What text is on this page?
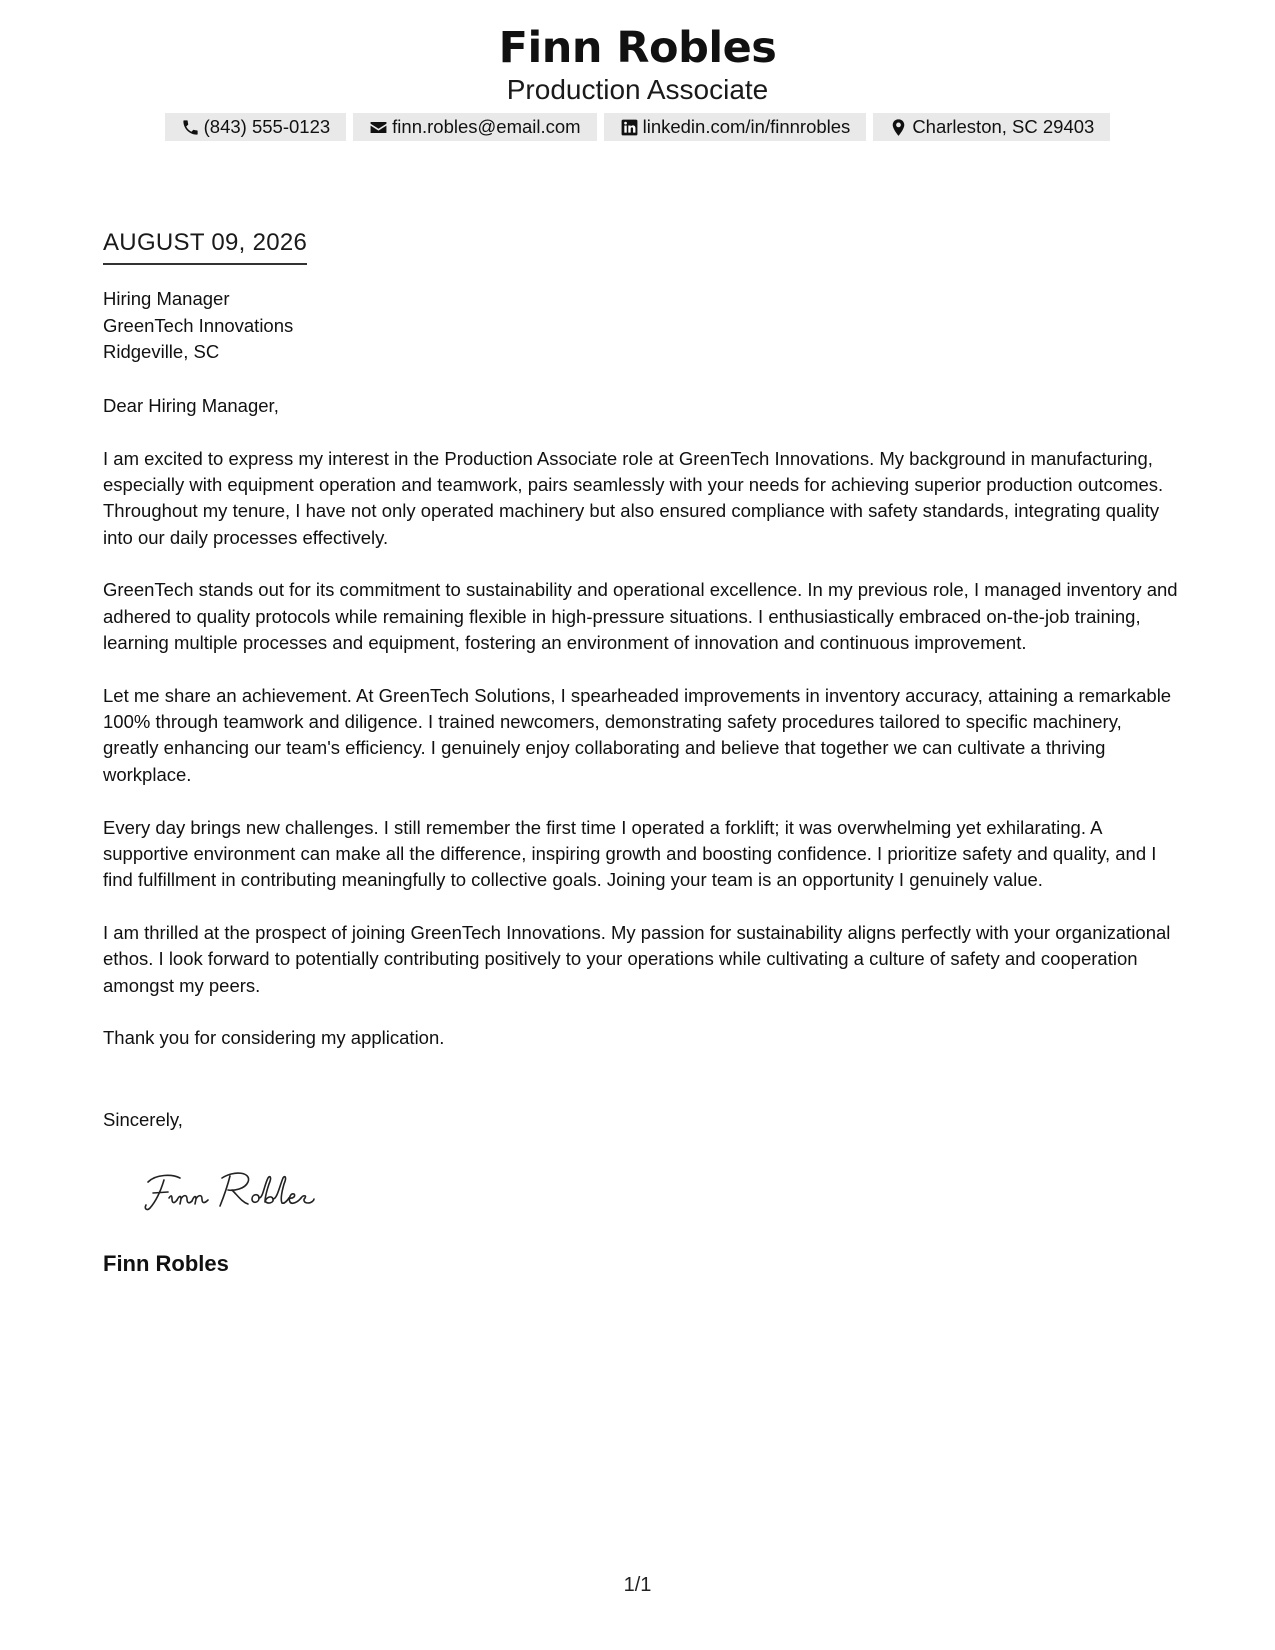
Finn Robles
Production Associate
(843) 555-0123	finn.robles@email.com	linkedin.com/in/finnrobles	Charleston, SC 29403
AUGUST 09, 2026
Hiring Manager
GreenTech Innovations
Ridgeville, SC

Dear Hiring Manager,

I am excited to express my interest in the Production Associate role at GreenTech Innovations. My background in manufacturing, especially with equipment operation and teamwork, pairs seamlessly with your needs for achieving superior production outcomes. Throughout my tenure, I have not only operated machinery but also ensured compliance with safety standards, integrating quality into our daily processes effectively.

GreenTech stands out for its commitment to sustainability and operational excellence. In my previous role, I managed inventory and adhered to quality protocols while remaining flexible in high-pressure situations. I enthusiastically embraced on-the-job training, learning multiple processes and equipment, fostering an environment of innovation and continuous improvement.

Let me share an achievement. At GreenTech Solutions, I spearheaded improvements in inventory accuracy, attaining a remarkable 100% through teamwork and diligence. I trained newcomers, demonstrating safety procedures tailored to specific machinery, greatly enhancing our team's efficiency. I genuinely enjoy collaborating and believe that together we can cultivate a thriving workplace.

Every day brings new challenges. I still remember the first time I operated a forklift; it was overwhelming yet exhilarating. A supportive environment can make all the difference, inspiring growth and boosting confidence. I prioritize safety and quality, and I find fulfillment in contributing meaningfully to collective goals. Joining your team is an opportunity I genuinely value.

I am thrilled at the prospect of joining GreenTech Innovations. My passion for sustainability aligns perfectly with your organizational ethos. I look forward to potentially contributing positively to your operations while cultivating a culture of safety and cooperation amongst my peers.

Thank you for considering my application.

Sincerely,
Finn Robles
1/1
